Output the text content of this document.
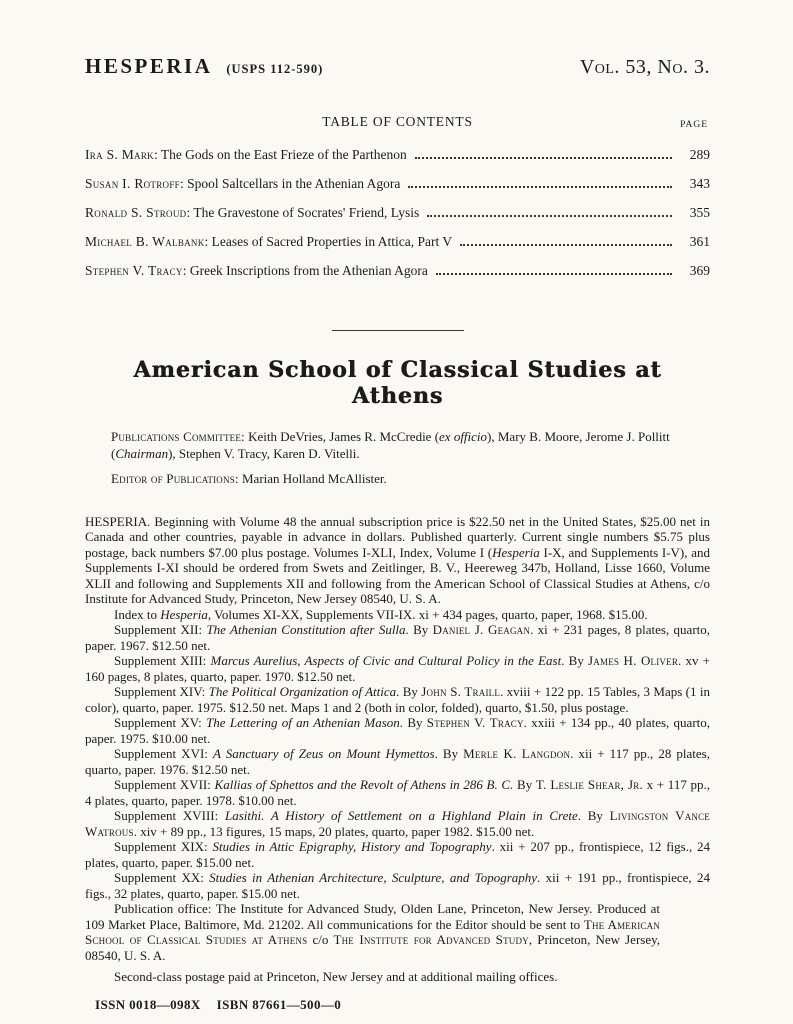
HESPERIA (USPS 112-590)	Vol. 53, No. 3.
TABLE OF CONTENTS	PAGE
Ira S. Mark : The Gods on the East Frieze of the Parthenon	289
Susan I. Rotroff : Spool Saltcellars in the Athenian Agora	343
Ronald S. Stroud : The Gravestone of Socrates' Friend, Lysis	355
Michael B. Walbank : Leases of Sacred Properties in Attica, Part V	361
Stephen V. Tracy : Greek Inscriptions from the Athenian Agora	369
American School of Classical Studies at Athens
Publications Committee: Keith DeVries, James R. McCredie (ex officio), Mary B. Moore, Jerome J. Pollitt (Chairman), Stephen V. Tracy, Karen D. Vitelli.
Editor of Publications: Marian Holland McAllister.

HESPERIA. Beginning with Volume 48 the annual subscription price is $22.50 net in the United States, $25.00 net in Canada and other countries, payable in advance in dollars. Published quarterly. Current single numbers $5.75 plus postage, back numbers $7.00 plus postage. Volumes I-XLI, Index, Volume I (Hesperia I-X, and Supplements I-V), and Supplements I-XI should be ordered from Swets and Zeitlinger, B. V., Heereweg 347b, Holland, Lisse 1660, Volume XLII and following and Supplements XII and following from the American School of Classical Studies at Athens, c/o Institute for Advanced Study, Princeton, New Jersey 08540, U. S. A.

Index to Hesperia, Volumes XI-XX, Supplements VII-IX. xi + 434 pages, quarto, paper, 1968. $15.00.

Supplement XII: The Athenian Constitution after Sulla. By Daniel J. Geagan. xi + 231 pages, 8 plates, quarto, paper. 1967. $12.50 net.

Supplement XIII: Marcus Aurelius, Aspects of Civic and Cultural Policy in the East. By James H. Oliver. xv + 160 pages, 8 plates, quarto, paper. 1970. $12.50 net.

Supplement XIV: The Political Organization of Attica. By John S. Traill. xviii + 122 pp. 15 Tables, 3 Maps (1 in color), quarto, paper. 1975. $12.50 net. Maps 1 and 2 (both in color, folded), quarto, $1.50, plus postage.

Supplement XV: The Lettering of an Athenian Mason. By Stephen V. Tracy. xxiii + 134 pp., 40 plates, quarto, paper. 1975. $10.00 net.

Supplement XVI: A Sanctuary of Zeus on Mount Hymettos. By Merle K. Langdon. xii + 117 pp., 28 plates, quarto, paper. 1976. $12.50 net.

Supplement XVII: Kallias of Sphettos and the Revolt of Athens in 286 B. C. By T. Leslie Shear, Jr. x + 117 pp., 4 plates, quarto, paper. 1978. $10.00 net.

Supplement XVIII: Lasithi. A History of Settlement on a Highland Plain in Crete. By Livingston Vance Watrous. xiv + 89 pp., 13 figures, 15 maps, 20 plates, quarto, paper 1982. $15.00 net.

Supplement XIX: Studies in Attic Epigraphy, History and Topography. xii + 207 pp., frontispiece, 12 figs., 24 plates, quarto, paper. $15.00 net.

Supplement XX: Studies in Athenian Architecture, Sculpture, and Topography. xii + 191 pp., frontispiece, 24 figs., 32 plates, quarto, paper. $15.00 net.

Publication office: The Institute for Advanced Study, Olden Lane, Princeton, New Jersey. Produced at 109 Market Place, Baltimore, Md. 21202. All communications for the Editor should be sent to The American School of Classical Studies at Athens c/o The Institute for Advanced Study, Princeton, New Jersey, 08540, U. S. A.

Second-class postage paid at Princeton, New Jersey and at additional mailing offices.

ISSN 0018—098X ISBN 87661—500—0
